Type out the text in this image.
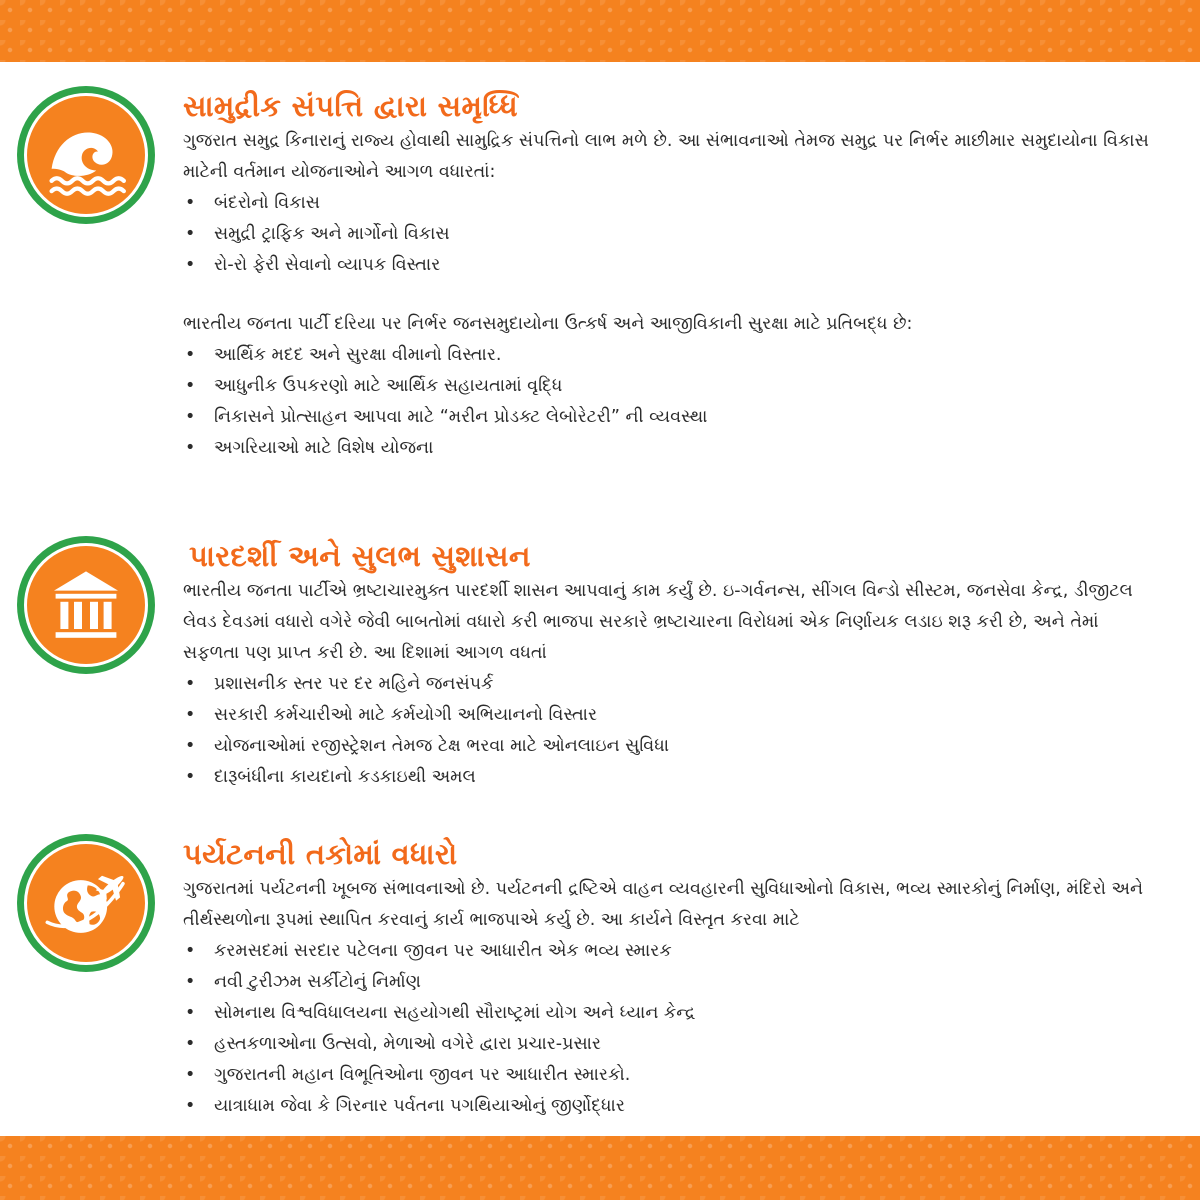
સામુદ્રીક સંપત્તિ દ્વારા સમૃધ્ધિ

ગુજરાત સમુદ્ર કિનારાનું રાજ્ય હોવાથી સામુદ્રિક સંપત્તિનો લાભ મળે છે. આ સંભાવનાઓ તેમજ સમુદ્ર પર નિર્ભર માછીમાર સમુદાયોના વિકાસ માટેની વર્તમાન યોજનાઓને આગળ વધારતાં:

• બંદરોનો વિકાસ
• સમુદ્રી ટ્રાફિક અને માર્ગોનો વિકાસ
• રો-રો ફેરી સેવાનો વ્યાપક વિસ્તાર

ભારતીય જનતા પાર્ટી દરિયા પર નિર્ભર જનસમુદાયોના ઉત્કર્ષ અને આજીવિકાની સુરક્ષા માટે પ્રતિબદ્ધ છે:

• આર્થિક મદદ અને સુરક્ષા વીમાનો વિસ્તાર.
• આધુનીક ઉપકરણો માટે આર્થિક સહાયતામાં વૃદ્ધિ
• નિકાસને પ્રોત્સાહન આપવા માટે “મરીન પ્રોડક્ટ લેબોરેટરી” ની વ્યવસ્થા
• અગરિયાઓ માટે વિશેષ યોજના
પારદર્શી અને સુલભ સુશાસન

ભારતીય જનતા પાર્ટીએ ભ્રષ્ટાચારમુક્ત પારદર્શી શાસન આપવાનું કામ કર્યું છે. ઇ-ગર્વનન્સ, સીંગલ વિન્ડો સીસ્ટમ, જનસેવા કેન્દ્ર, ડીજીટલ લેવડ દેવડમાં વધારો વગેરે જેવી બાબતોમાં વધારો કરી ભાજપા સરકારે ભ્રષ્ટાચારના વિરોધમાં એક નિર્ણાયક લડાઇ શરૂ કરી છે, અને તેમાં સફળતા પણ પ્રાપ્ત કરી છે. આ દિશામાં આગળ વધતાં

• પ્રશાસનીક સ્તર પર દર મહિને જનસંપર્ક
• સરકારી કર્મચારીઓ માટે કર્મયોગી અભિયાનનો વિસ્તાર
• યોજનાઓમાં રજીસ્ટ્રેશન તેમજ ટેક્ષ ભરવા માટે ઓનલાઇન સુવિધા
• દારૂબંધીના કાયદાનો કડકાઇથી અમલ
પર્યટનની તકોમાં વધારો

ગુજરાતમાં પર્યટનની ખૂબજ સંભાવનાઓ છે. પર્યટનની દ્રષ્ટિએ વાહન વ્યવહારની સુવિધાઓનો વિકાસ, ભવ્ય સ્મારકોનું નિર્માણ, મંદિરો અને તીર્થસ્થળોના રૂપમાં સ્થાપિત કરવાનું કાર્ય ભાજપાએ કર્યુ છે. આ કાર્યને વિસ્તૃત કરવા માટે

• કરમસદમાં સરદાર પટેલના જીવન પર આધારીત એક ભવ્ય સ્મારક
• નવી ટુરીઝમ સર્કીટોનું નિર્માણ
• સોમનાથ વિશ્વવિધાલયના સહયોગથી સૌરાષ્ટ્રમાં યોગ અને ધ્યાન કેન્દ્ર
• હસ્તકળાઓના ઉત્સવો, મેળાઓ વગેરે દ્વારા પ્રચાર-પ્રસાર
• ગુજરાતની મહાન વિભૂતિઓના જીવન પર આધારીત સ્મારકો.
• યાત્રાધામ જેવા કે ગિરનાર પર્વતના પગથિયાઓનું જીર્ણોદ્ધાર
